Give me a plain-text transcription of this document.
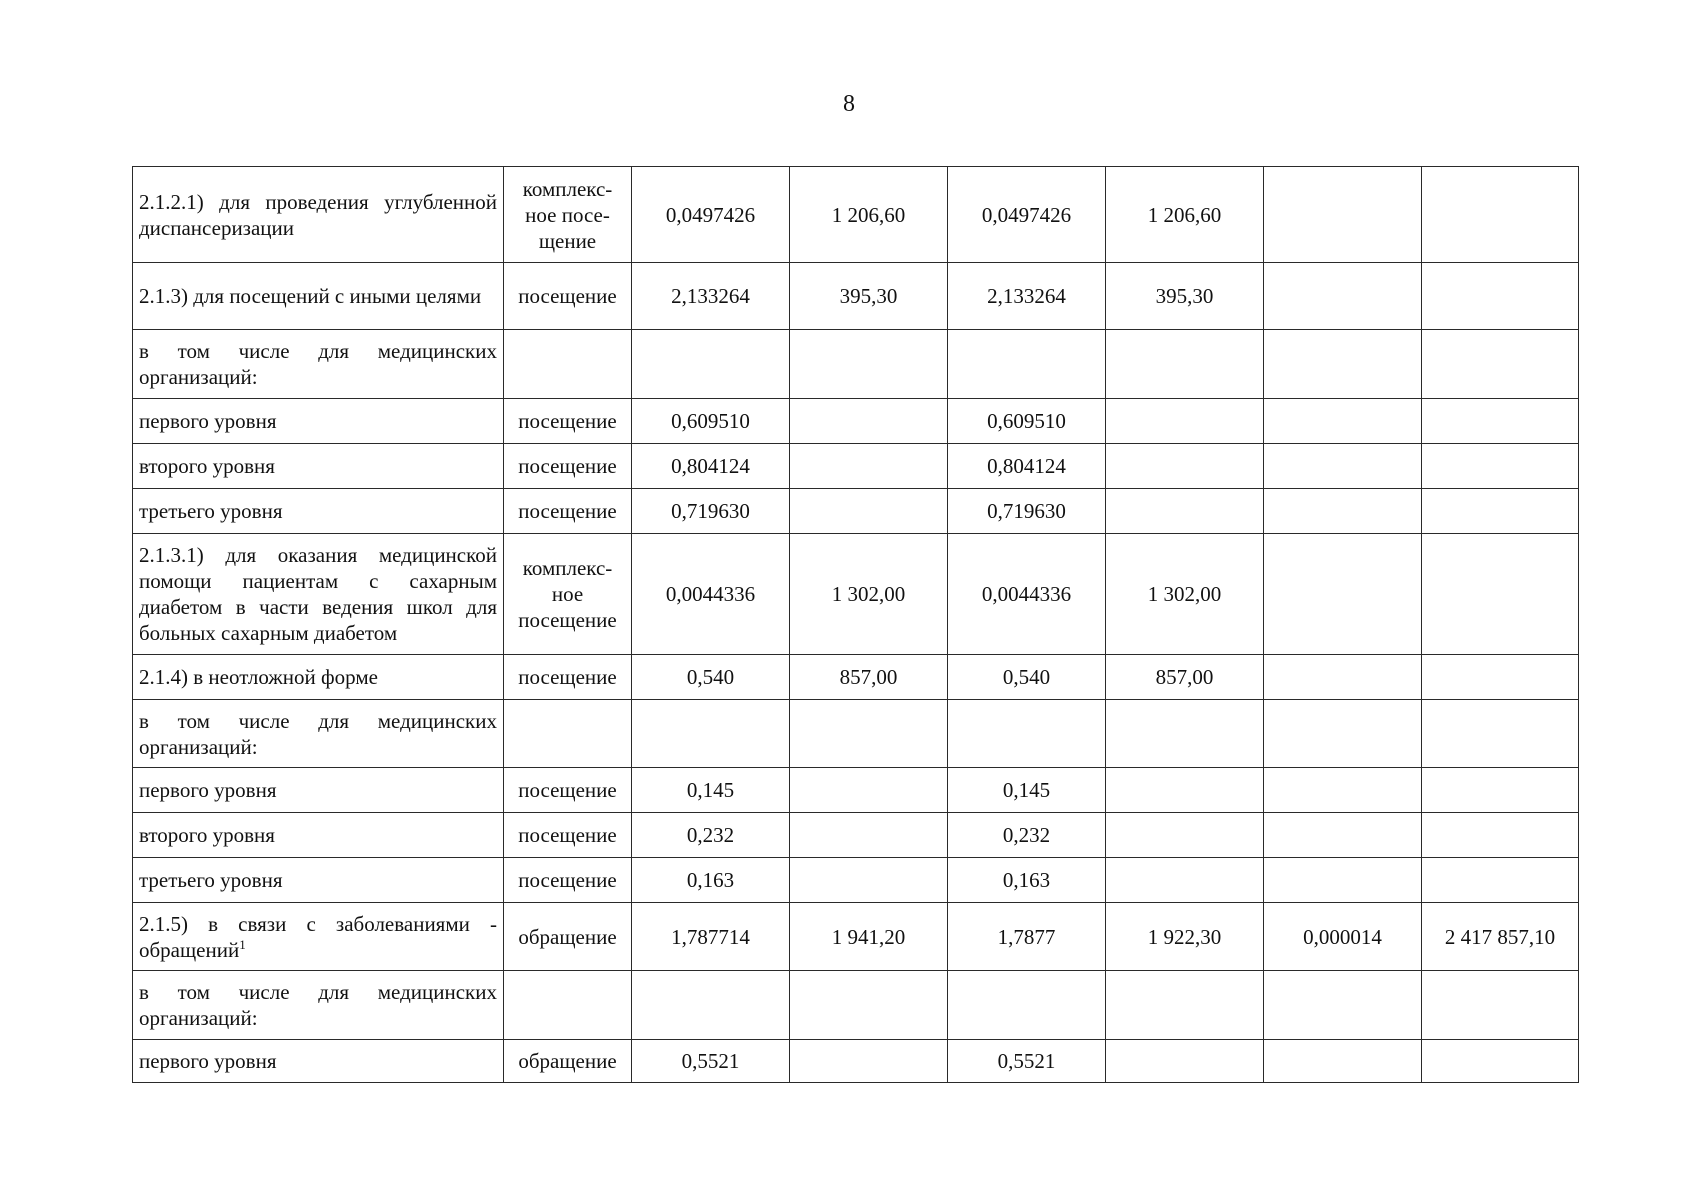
8
2.1.2.1) для проведения углубленной диспансеризации	комплекс-ное посе-щение	0,0497426	1 206,60	0,0497426	1 206,60		
2.1.3) для посещений с иными целями	посещение	2,133264	395,30	2,133264	395,30		
в том числе для медицинских организаций:							
первого уровня	посещение	0,609510		0,609510			
второго уровня	посещение	0,804124		0,804124			
третьего уровня	посещение	0,719630		0,719630			
2.1.3.1) для оказания медицинской помощи пациентам с сахарным диабетом в части ведения школ для больных сахарным диабетом	комплекс-ное посещение	0,0044336	1 302,00	0,0044336	1 302,00		
2.1.4) в неотложной форме	посещение	0,540	857,00	0,540	857,00		
в том числе для медицинских организаций:							
первого уровня	посещение	0,145		0,145			
второго уровня	посещение	0,232		0,232			
третьего уровня	посещение	0,163		0,163			
2.1.5) в связи с заболеваниями - обращений$^1$	обращение	1,787714	1 941,20	1,7877	1 922,30	0,000014	2 417 857,10
в том числе для медицинских организаций:							
первого уровня	обращение	0,5521		0,5521			
